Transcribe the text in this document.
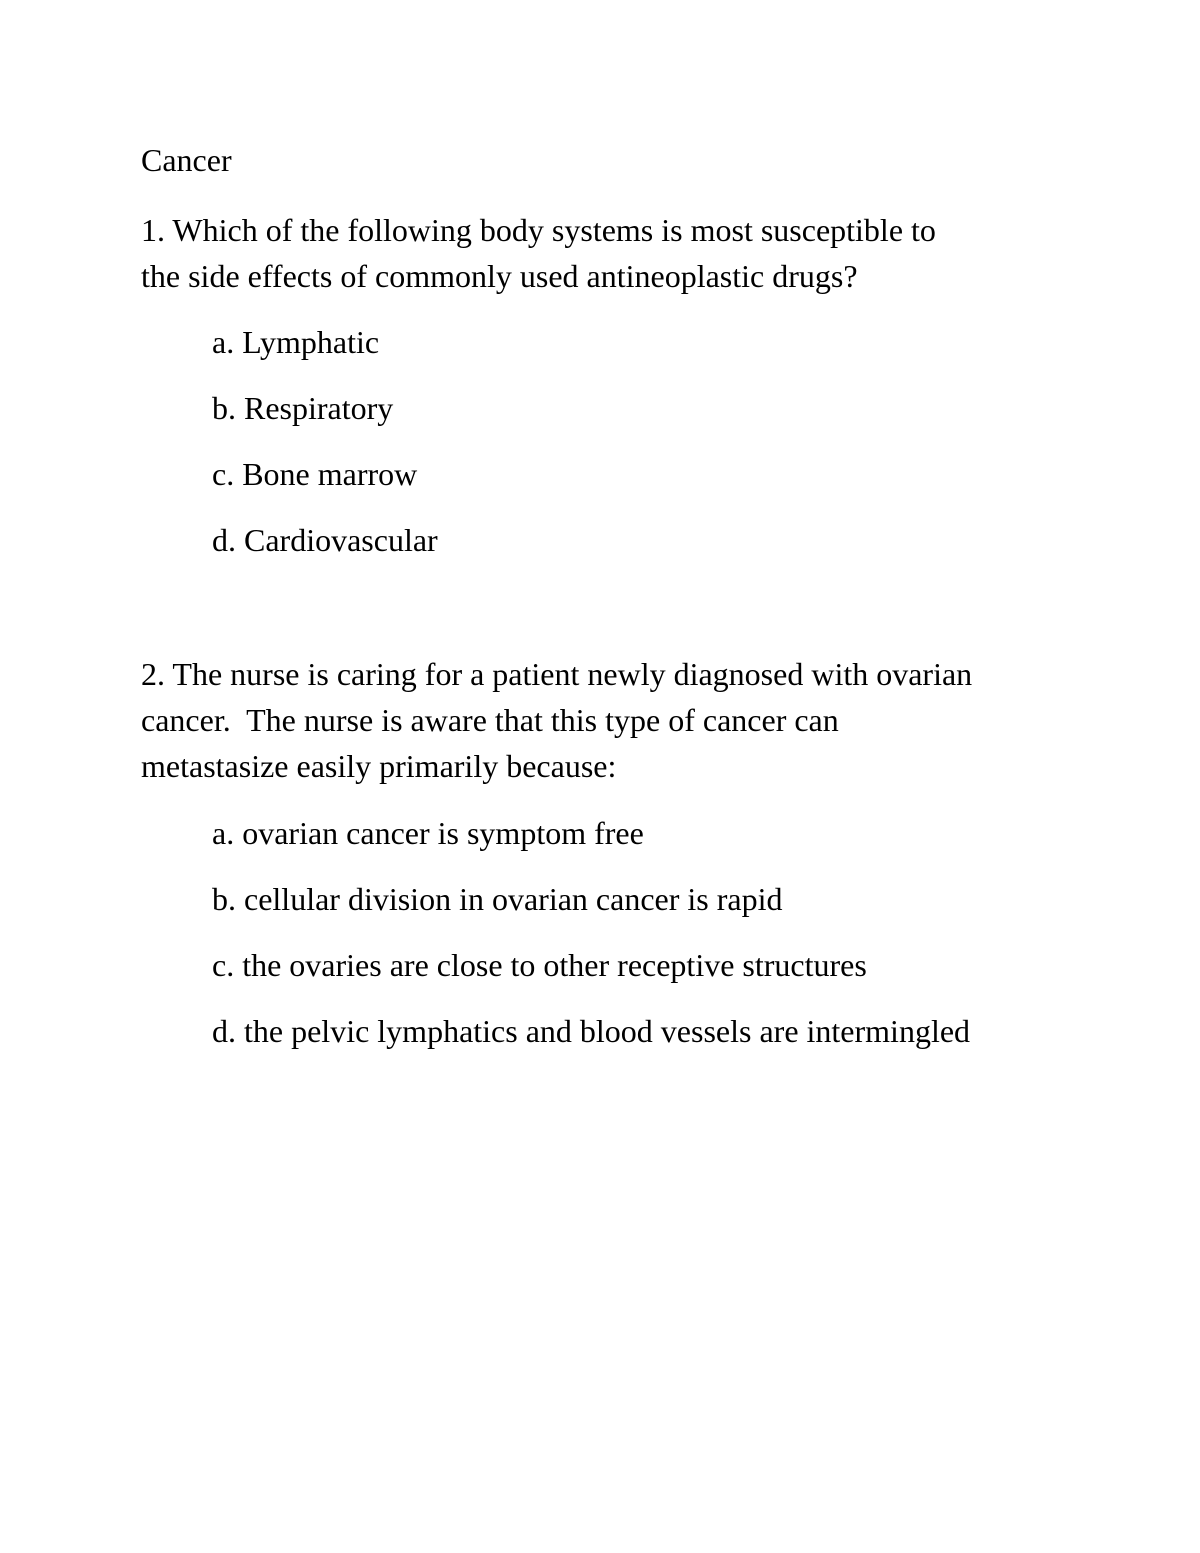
Cancer
1. Which of the following body systems is most susceptible to
the side effects of commonly used antineoplastic drugs?
a. Lymphatic
b. Respiratory
c. Bone marrow
d. Cardiovascular
2. The nurse is caring for a patient newly diagnosed with ovarian
cancer.  The nurse is aware that this type of cancer can
metastasize easily primarily because:
a. ovarian cancer is symptom free
b. cellular division in ovarian cancer is rapid
c. the ovaries are close to other receptive structures
d. the pelvic lymphatics and blood vessels are intermingled
